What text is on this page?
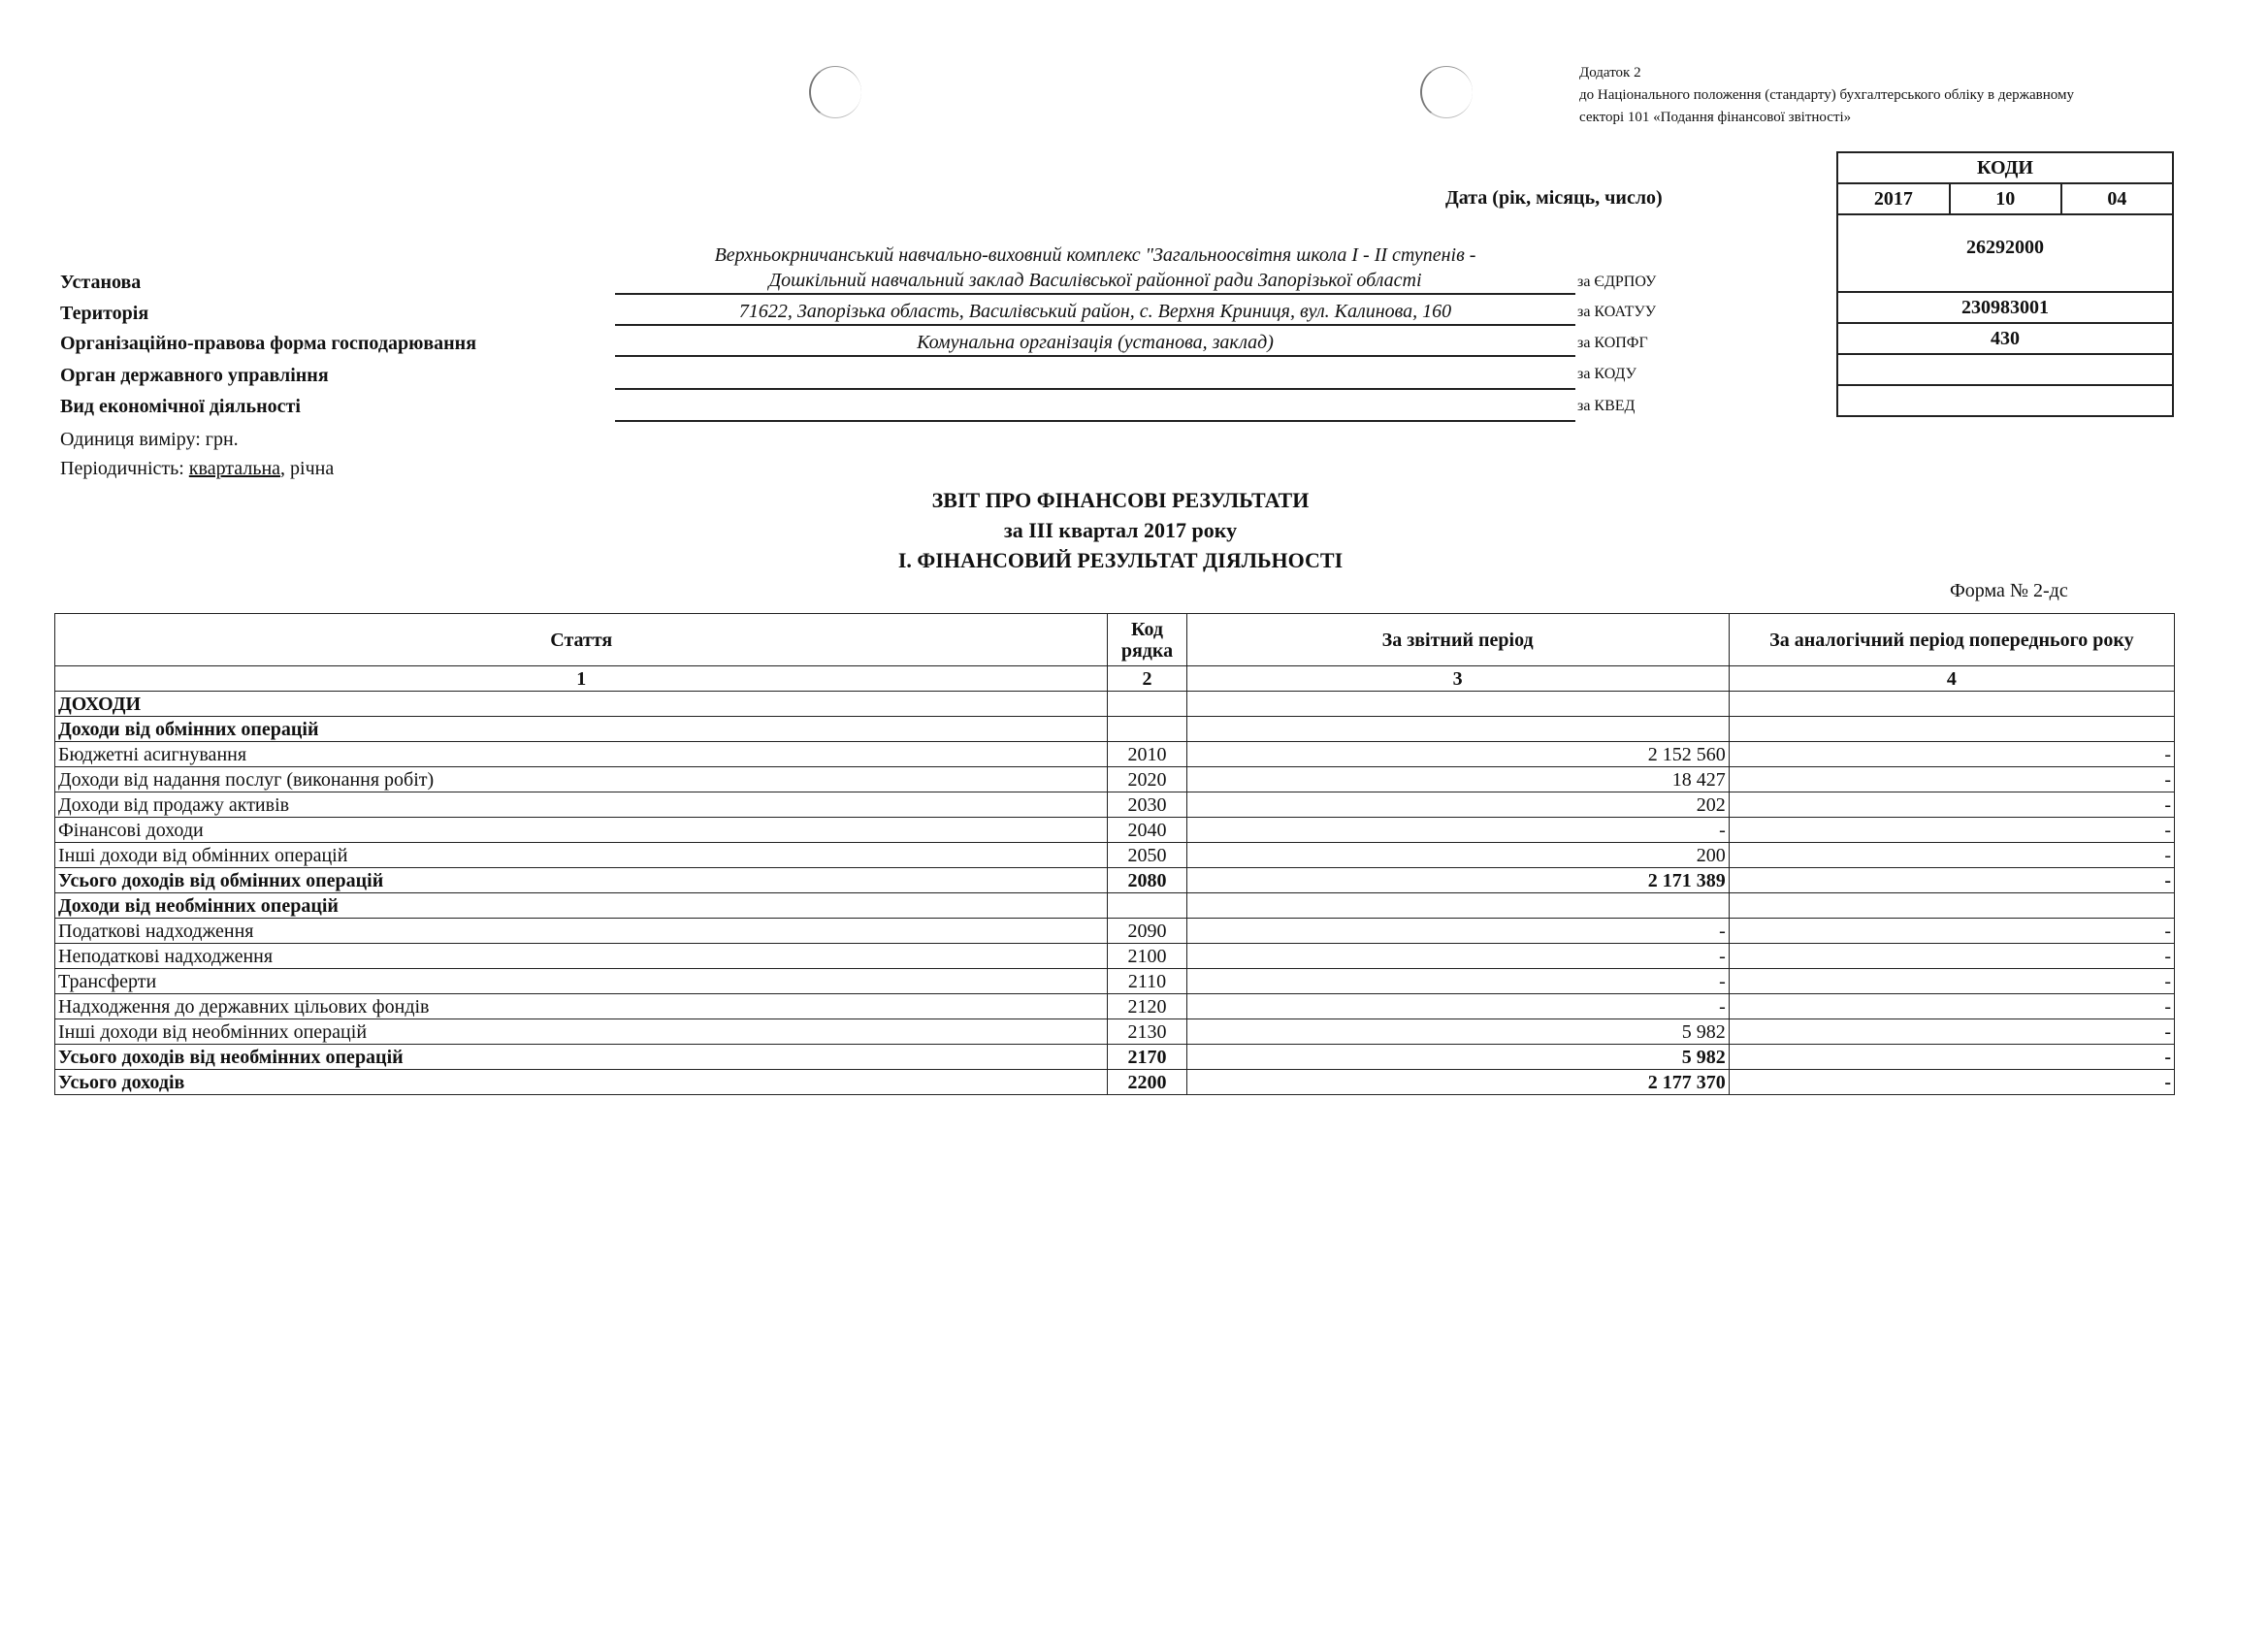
Додаток 2
до Національного положення (стандарту) бухгалтерського обліку в державному
секторі 101 «Подання фінансової звітності»
Дата (рік, місяць, число)
КОДИ
2017	10	04
26292000
230983001
430

Установа
Верхньокрничанський навчально-виховний комплекс "Загальноосвітня школа І - ІІ ступенів -
Дошкільний навчальний заклад Василівської районної ради Запорізької області	за ЄДРПОУ
Територія	71622, Запорізька область, Василівський район, с. Верхня Криниця, вул. Калинова, 160	за КОАТУУ
Організаційно-правова форма господарювання	Комунальна організація (установа, заклад)	за КОПФГ
Орган державного управління	за КОДУ
Вид економічної діяльності	за КВЕД
Одиниця виміру: грн.
Періодичність: квартальна, річна
ЗВІТ ПРО ФІНАНСОВІ РЕЗУЛЬТАТИ
за ІІІ квартал 2017 року
І. ФІНАНСОВИЙ РЕЗУЛЬТАТ ДІЯЛЬНОСТІ
Форма № 2-дс
Стаття	Код
рядка	За звітний період	За аналогічний період попереднього року
1	2	3	4
ДОХОДИ			
Доходи від обмінних операцій			
Бюджетні асигнування	2010	2 152 560	-
Доходи від надання послуг (виконання робіт)	2020	18 427	-
Доходи від продажу активів	2030	202	-
Фінансові доходи	2040	-	-
Інші доходи від обмінних операцій	2050	200	-
Усього доходів від обмінних операцій	2080	2 171 389	-
Доходи від необмінних операцій			
Податкові надходження	2090	-	-
Неподаткові надходження	2100	-	-
Трансферти	2110	-	-
Надходження до державних цільових фондів	2120	-	-
Інші доходи від необмінних операцій	2130	5 982	-
Усього доходів від необмінних операцій	2170	5 982	-
Усього доходів	2200	2 177 370	-
